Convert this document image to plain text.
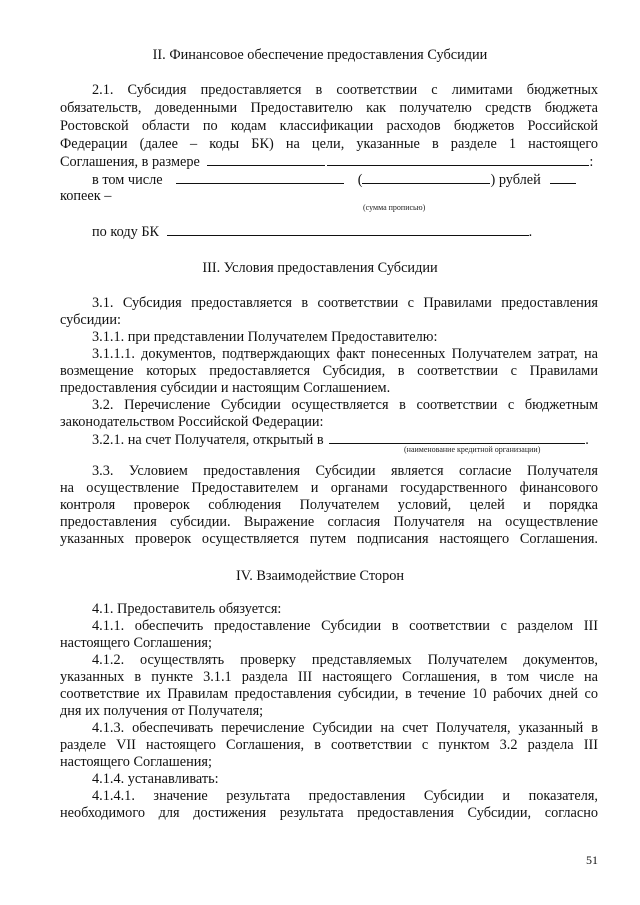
II. Финансовое обеспечение предоставления Субсидии
2.1. Субсидия предоставляется в соответствии с лимитами бюджетных
обязательств, доведенными Предоставителю как получателю средств бюджета
Ростовской области по кодам классификации расходов бюджетов Российской
Федерации (далее – коды БК) на цели, указанные в разделе 1 настоящего
Соглашения, в размере	:
в том числе	(	) рублей
копеек –
(сумма прописью)
по коду БК	.
III. Условия предоставления Субсидии
3.1. Субсидия предоставляется в соответствии с Правилами предоставления
субсидии:
3.1.1. при представлении Получателем Предоставителю:
3.1.1.1. документов, подтверждающих факт понесенных Получателем затрат, на
возмещение которых предоставляется Субсидия, в соответствии с Правилами
предоставления субсидии и настоящим Соглашением.
3.2. Перечисление Субсидии осуществляется в соответствии с бюджетным
законодательством Российской Федерации:
3.2.1. на счет Получателя, открытый в	.
(наименование кредитной организации)
3.3. Условием предоставления Субсидии является согласие Получателя
на осуществление Предоставителем и органами государственного финансового
контроля проверок соблюдения Получателем условий, целей и порядка
предоставления субсидии. Выражение согласия Получателя на осуществление
указанных проверок осуществляется путем подписания настоящего Соглашения.
IV. Взаимодействие Сторон
4.1. Предоставитель обязуется:
4.1.1. обеспечить предоставление Субсидии в соответствии с разделом III
настоящего Соглашения;
4.1.2. осуществлять проверку представляемых Получателем документов,
указанных в пункте 3.1.1 раздела III настоящего Соглашения, в том числе на
соответствие их Правилам предоставления субсидии, в течение 10 рабочих дней со
дня их получения от Получателя;
4.1.3. обеспечивать перечисление Субсидии на счет Получателя, указанный в
разделе VII настоящего Соглашения, в соответствии с пунктом 3.2 раздела III
настоящего Соглашения;
4.1.4. устанавливать:
4.1.4.1. значение результата предоставления Субсидии и показателя,
необходимого для достижения результата предоставления Субсидии, согласно
51
